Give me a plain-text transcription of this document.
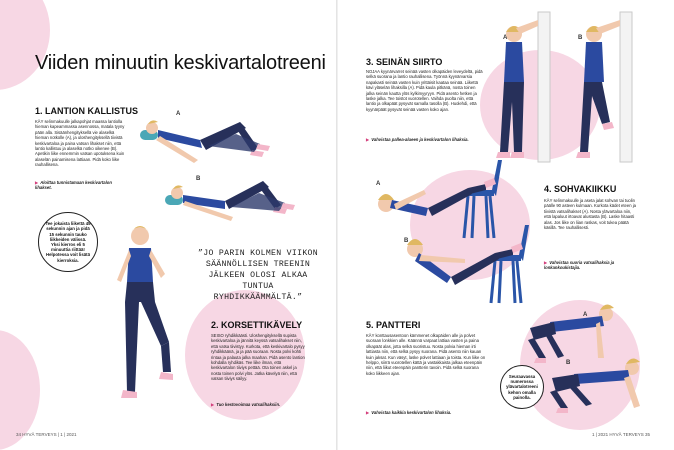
Viiden minuutin keskivartalotreeni
1. LANTION KALLISTUS
KÄY selinmakuulle jalkapohjat maassa lantiolla hieman kapeammassa asennossa, matala tyyny pään alla. Sisäänhengityksellä vie alaselkä hieman notkolle (A), ja uloshengityksellä tiivistä keskivartaloa ja paina vatsan lihakset niin, että lantio kallistuu ja alaselkä notko oikenee (B). Apetikin liike ennemmin vatsan upotuksena kuin alaselän painamisena lattiaan. Pidä koko liike rauhallisena.
▶ Aloittaa tunnistamaan keskivartalon lihakset.
A
B
Tee jokaista liikettä 45 sekunnin ajan ja pidä 15 sekunnin tauko liikkeiden välissä. Yksi kierros eli 5 minuuttia riittää! Helpotessa voit lisätä kierroksia.
”JO PARIN KOLMEN VIIKON SÄÄNNÖLLISEN TREENIN JÄLKEEN OLOSI ALKAA TUNTUA RYHDIKKÄÄMMÄLTÄ.”
2. KORSETTIKÄVELY
SEISO ryhdikkäästi. Uloshengityksellä supista keskivartaloa ja jännitä keyssä vatsalihakset niin, että vatsa tiivistyy. Kurkota, että keskivartalo pysyy ryhdikkäänä, ja ja pää suoraan. Nosta polvi kohti rintaa ja palauta jalka maahan. Pidä asento lantion kohdalla ryhdikäs. Tee liike ilman, että keskivartalon tiiviys pettää. Ota toinen askel ja nosta toinen polvi ylös. Jatka kävelyä niin, että vatsan tiiviys säilyy.
▶ Tuo kestovoimaa vatsalihaksiin.
34 HYVÄ TERVEYS | 1 | 2021
3. SEINÄN SIIRTO
NOJAA kyynärvarret seinää vasten olkapäiden leveydeltä, pidä selkä suorana ja lantio rauhallisena. Työnnä kyynärvarsia napakasti seinää vasten kuin yrittäisit kaataa seinää. Liikettä kävi yläselän lihaksilla (A). Pidä kaula pitkänä, nosta toinen jalka seinän kautta ylös kylkimyyryyn. Pidä asento hetken ja laske jalka. Tee toistot vuorotellen. Vaihda puolta niin, että lantio ja olkapäät pysyvät samalla tasolla (B). Huolehdi, että kyynärpäät pysyvät seinää vasten koko ajan.
▶ Vahvistaa pallea-alueen ja keskivartalon lihaksia.
A	B
A
B
4. SOHVAKIIKKU
KÄY selinmakuulle ja aseta jalat sohvan tai tuolin päälle 90 asteen kulmaan. Kurkota kädet eteen ja tiivistä vatsalihakset (A). Nosta ylävartaloa niin, että lapaluut irtoavat alustasta (B). Laske hitaasti alas. Jos liike on liian raskas, voit tukea päätä käsillä. Tee rauhallisesti.
▶ Vahvistaa suoria vatsalihaksia ja lonkankoukistajia.
5. PANTTERI
KÄY konttausasentoon kämmenet olkapäiden alle ja polvet suoraan lonkkien alle. Käännä varpaat lattiaa vasten ja paina olkapäät alas, jotta selkä suoristuu. Nosta polvia hieman irti lattiasta niin, että selkä pysyy suorana. Pidä asento niin kauan kuin jaksat. Kun väsyt, laske polvet lattiaan ja toista. Kun liike on helppo, siirrä vuorotellen kättä ja vastakkaista jalkaa eteenpäin niin, että liikut eteenpäin pantterin tavoin. Pidä selkä suorana koko liikkeen ajan.
▶ Vahvistaa kaikkia keskivartalon lihaksia.
A
B
Seuraavassa numerossa ylävartalotreeni kehon omalla painolla.
1 | 2021 HYVÄ TERVEYS 35
